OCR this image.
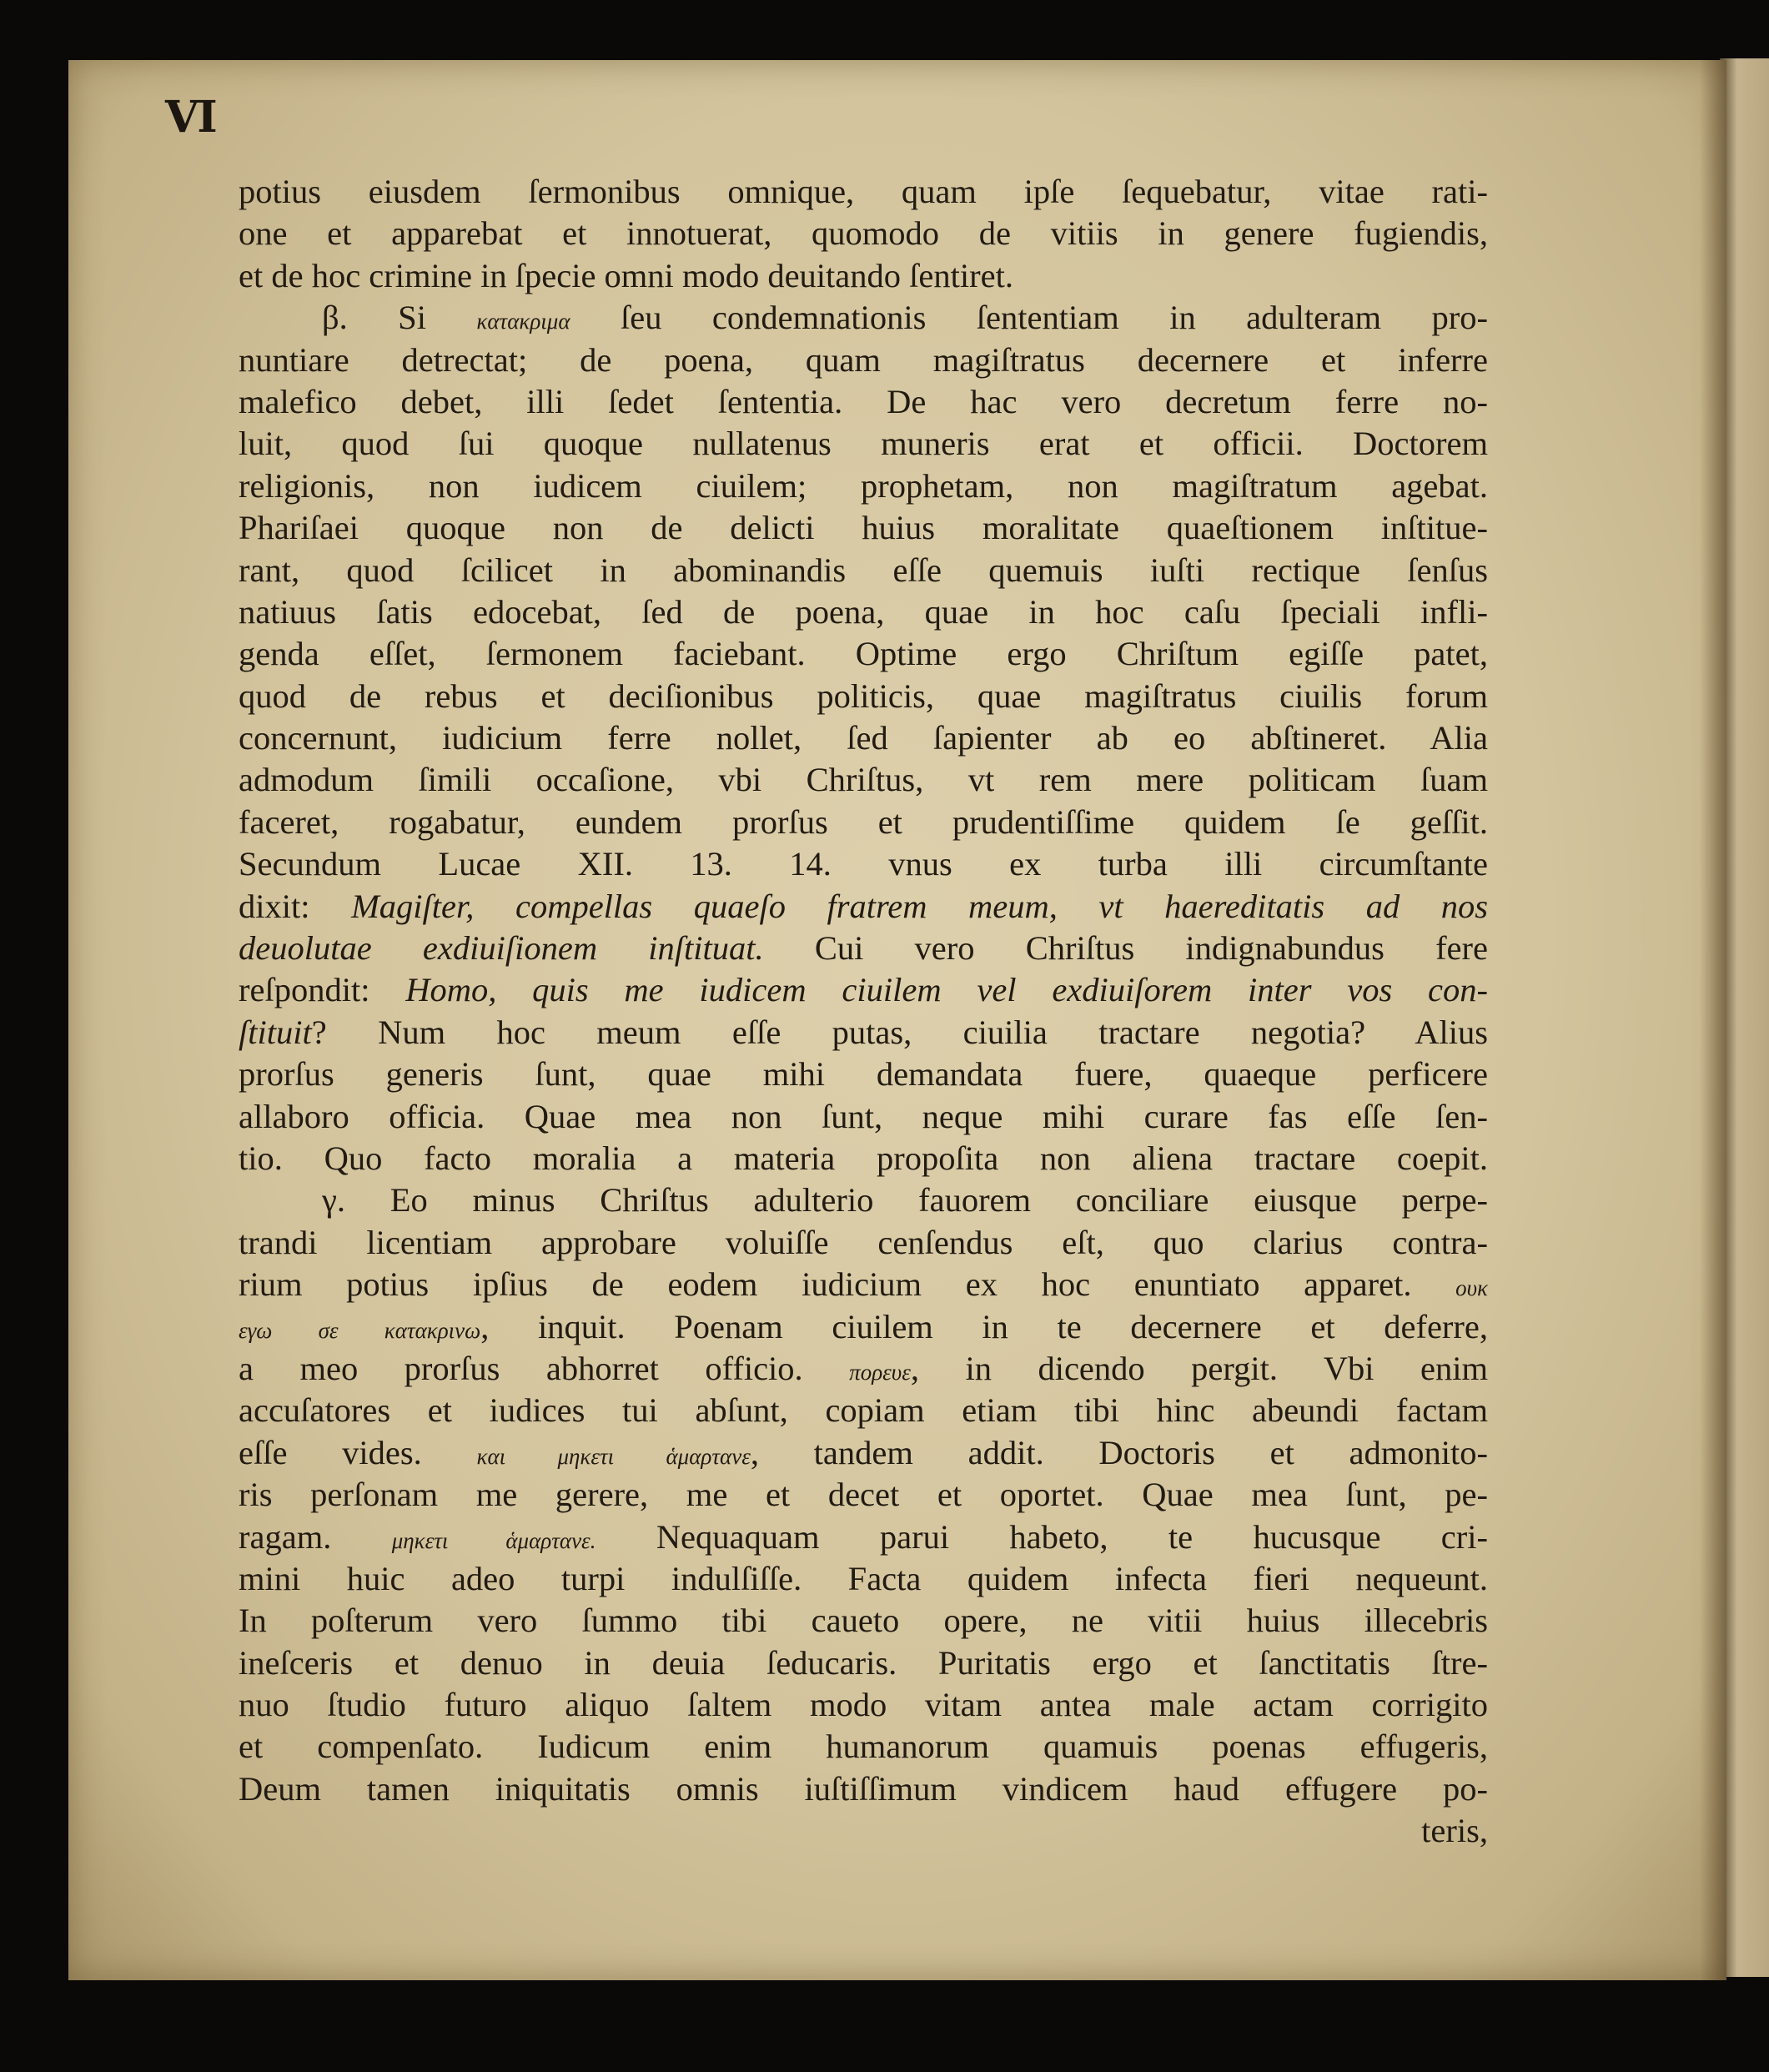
VI
potius eiusdem ſermonibus omnique, quam ipſe ſequebatur, vitae rati-
one et apparebat et innotuerat, quomodo de vitiis in genere fugiendis,
et de hoc crimine in ſpecie omni modo deuitando ſentiret.
β. Si κατακριμα ſeu condemnationis ſententiam in adulteram pro-
nuntiare detrectat; de poena, quam magiſtratus decernere et inferre
malefico debet, illi ſedet ſententia. De hac vero decretum ferre no-
luit, quod ſui quoque nullatenus muneris erat et officii. Doctorem
religionis, non iudicem ciuilem; prophetam, non magiſtratum agebat.
Phariſaei quoque non de delicti huius moralitate quaeſtionem inſtitue-
rant, quod ſcilicet in abominandis eſſe quemuis iuſti rectique ſenſus
natiuus ſatis edocebat, ſed de poena, quae in hoc caſu ſpeciali infli-
genda eſſet, ſermonem faciebant. Optime ergo Chriſtum egiſſe patet,
quod de rebus et deciſionibus politicis, quae magiſtratus ciuilis forum
concernunt, iudicium ferre nollet, ſed ſapienter ab eo abſtineret. Alia
admodum ſimili occaſione, vbi Chriſtus, vt rem mere politicam ſuam
faceret, rogabatur, eundem prorſus et prudentiſſime quidem ſe geſſit.
Secundum Lucae XII. 13. 14. vnus ex turba illi circumſtante
dixit: Magiſter, compellas quaeſo fratrem meum, vt haereditatis ad nos
deuolutae exdiuiſionem inſtituat. Cui vero Chriſtus indignabundus fere
reſpondit: Homo, quis me iudicem ciuilem vel exdiuiſorem inter vos con-
ſtituit? Num hoc meum eſſe putas, ciuilia tractare negotia? Alius
prorſus generis ſunt, quae mihi demandata fuere, quaeque perficere
allaboro officia. Quae mea non ſunt, neque mihi curare fas eſſe ſen-
tio. Quo facto moralia a materia propoſita non aliena tractare coepit.
γ. Eo minus Chriſtus adulterio fauorem conciliare eiusque perpe-
trandi licentiam approbare voluiſſe cenſendus eſt, quo clarius contra-
rium potius ipſius de eodem iudicium ex hoc enuntiato apparet. ουκ
εγω σε κατακρινω, inquit. Poenam ciuilem in te decernere et deferre,
a meo prorſus abhorret officio. πορευε, in dicendo pergit. Vbi enim
accuſatores et iudices tui abſunt, copiam etiam tibi hinc abeundi factam
eſſe vides. και μηκετι ἁμαρτανε, tandem addit. Doctoris et admonito-
ris perſonam me gerere, me et decet et oportet. Quae mea ſunt, pe-
ragam. μηκετι ἁμαρτανε. Nequaquam parui habeto, te hucusque cri-
mini huic adeo turpi indulſiſſe. Facta quidem infecta fieri nequeunt.
In poſterum vero ſummo tibi caueto opere, ne vitii huius illecebris
ineſceris et denuo in deuia ſeducaris. Puritatis ergo et ſanctitatis ſtre-
nuo ſtudio futuro aliquo ſaltem modo vitam antea male actam corrigito
et compenſato. Iudicum enim humanorum quamuis poenas effugeris,
Deum tamen iniquitatis omnis iuſtiſſimum vindicem haud effugere po-
teris,
